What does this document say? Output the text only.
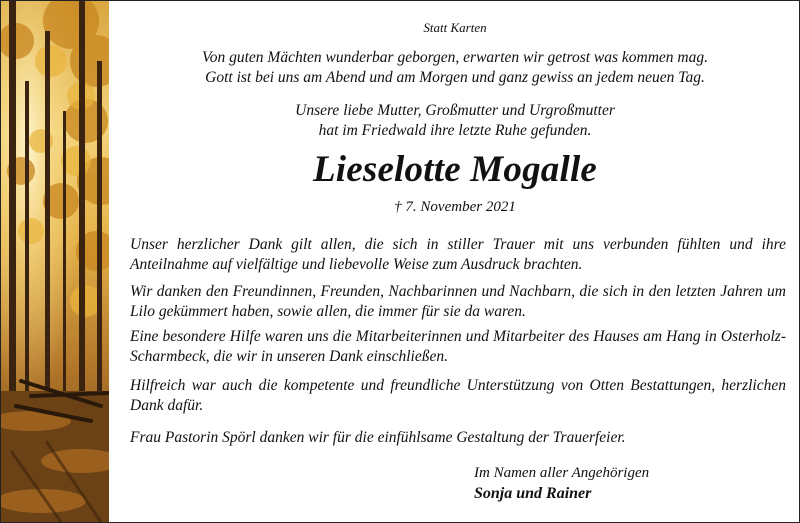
Statt Karten
Von guten Mächten wunderbar geborgen, erwarten wir getrost was kommen mag.
Gott ist bei uns am Abend und am Morgen und ganz gewiss an jedem neuen Tag.
Unsere liebe Mutter, Großmutter und Urgroßmutter
hat im Friedwald ihre letzte Ruhe gefunden.
Lieselotte Mogalle
† 7. November 2021

Unser herzlicher Dank gilt allen, die sich in stiller Trauer mit uns verbunden fühlten und ihre Anteilnahme auf vielfältige und liebevolle Weise zum Ausdruck brachten.

Wir danken den Freundinnen, Freunden, Nachbarinnen und Nachbarn, die sich in den letzten Jahren um Lilo gekümmert haben, sowie allen, die immer für sie da waren.

Eine besondere Hilfe waren uns die Mitarbeiterinnen und Mitarbeiter des Hauses am Hang in Osterholz-Scharmbeck, die wir in unseren Dank einschließen.

Hilfreich war auch die kompetente und freundliche Unterstützung von Otten Bestattungen, herzlichen Dank dafür.

Frau Pastorin Spörl danken wir für die einfühlsame Gestaltung der Trauerfeier.

Im Namen aller Angehörigen
Sonja und Rainer
